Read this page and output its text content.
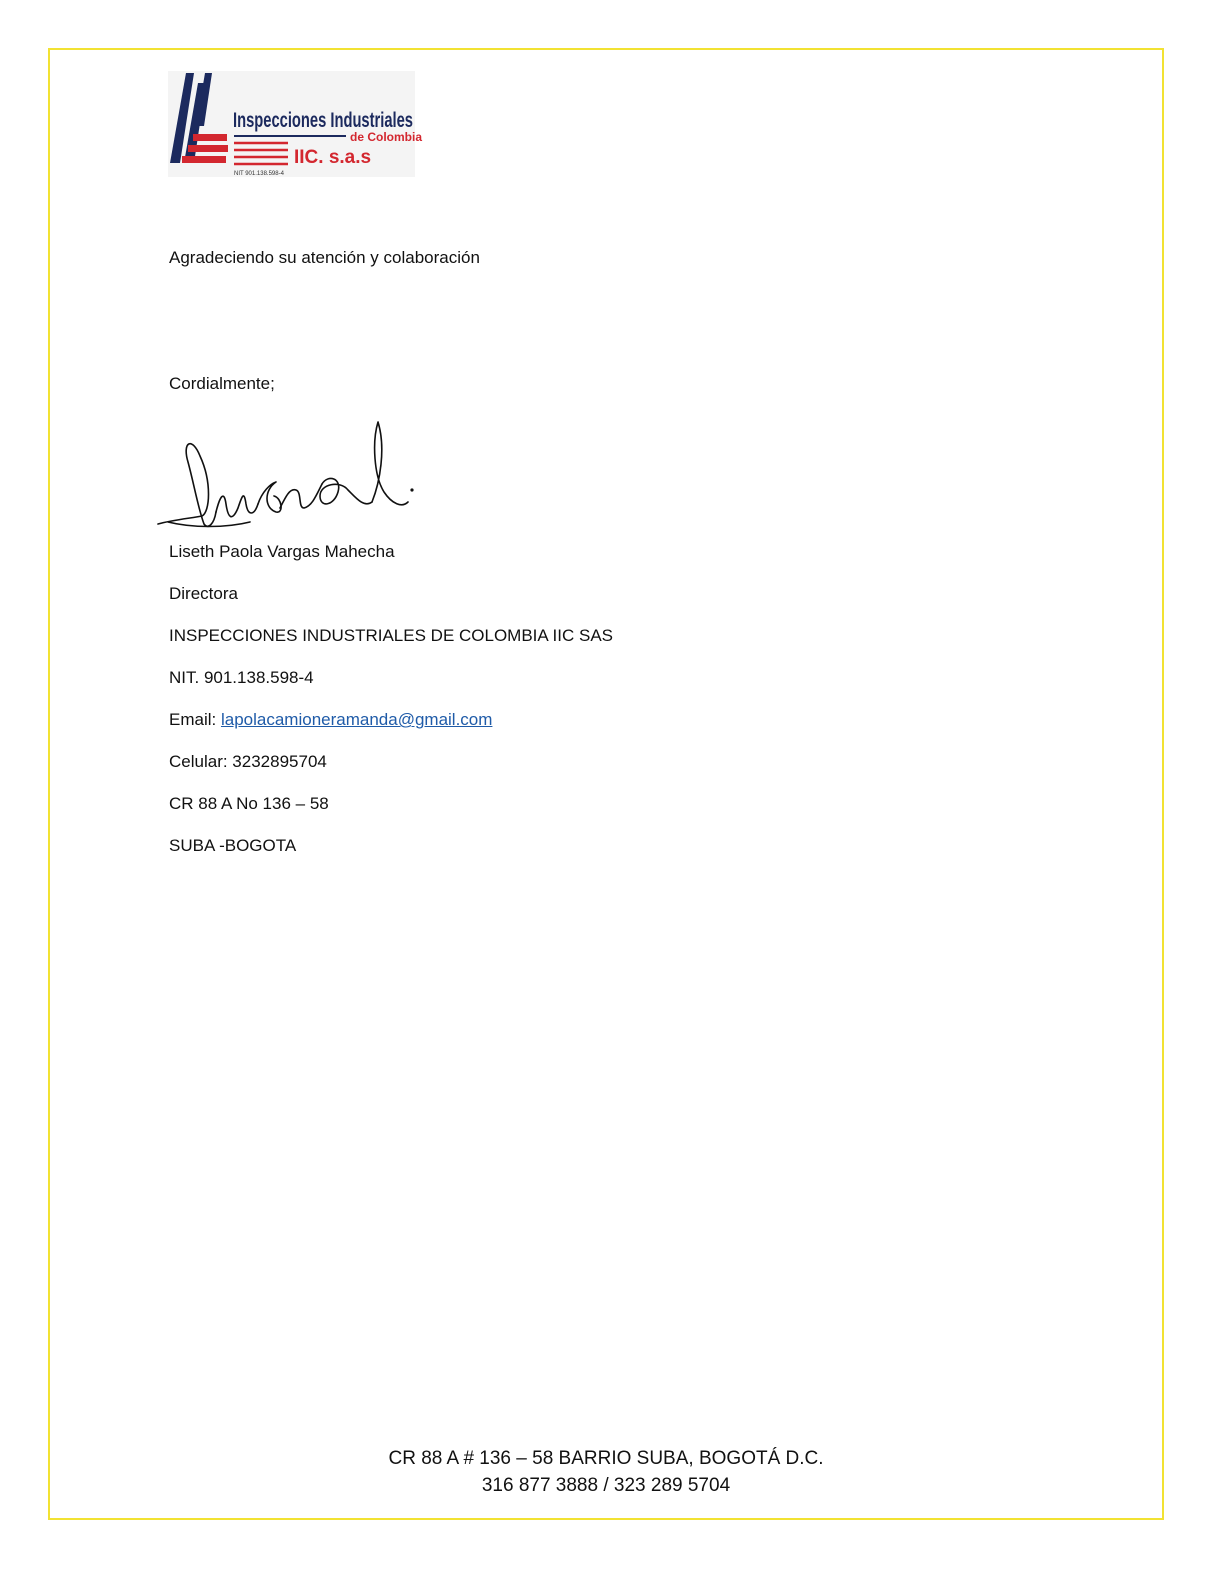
Inspecciones Industriales
de Colombia
IIC. s.a.s
NIT 901.138.598-4
Agradeciendo su atención y colaboración
Cordialmente;
Liseth Paola Vargas Mahecha
Directora
INSPECCIONES INDUSTRIALES DE COLOMBIA IIC SAS
NIT. 901.138.598-4
Email: lapolacamioneramanda@gmail.com
Celular: 3232895704
CR 88 A No 136 – 58
SUBA -BOGOTA
CR 88 A # 136 – 58 BARRIO SUBA, BOGOTÁ D.C.
316 877 3888 / 323 289 5704
